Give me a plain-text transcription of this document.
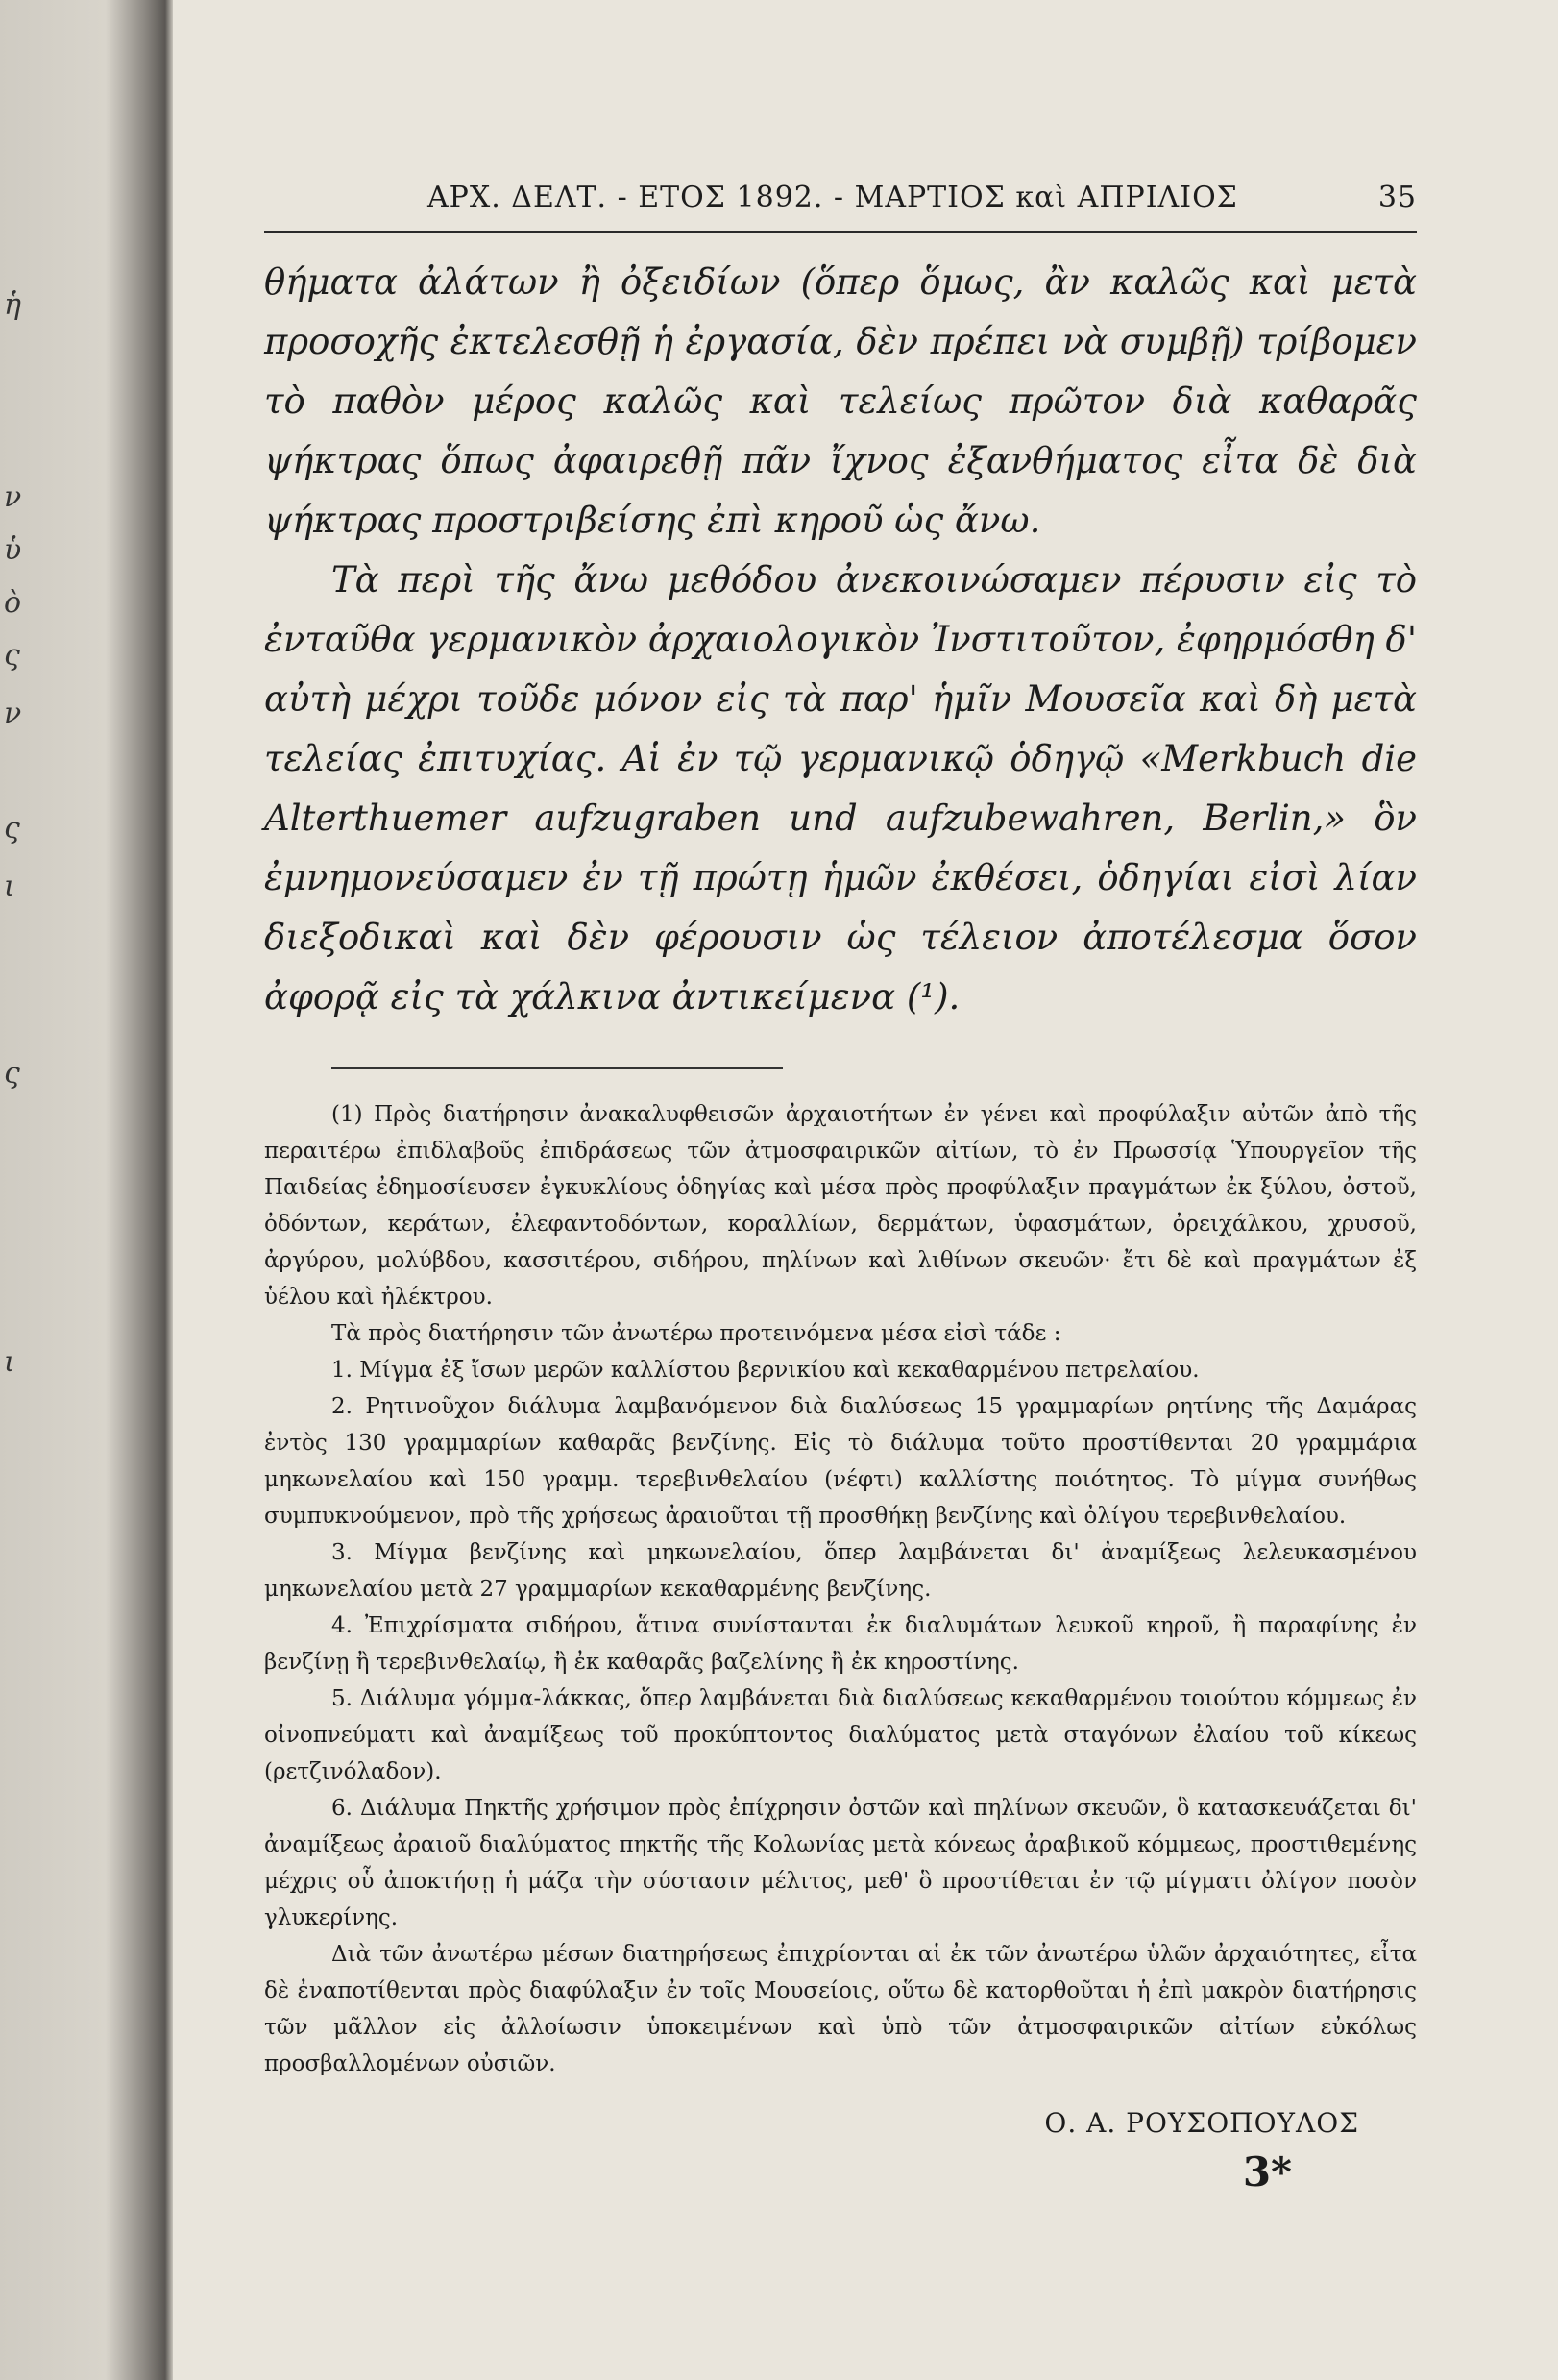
ἡ
ν
ὑ
ὸ
ς
ν
ς
ι
ς
ι
ΑΡΧ. ΔΕΛΤ. - ΕΤΟΣ 1892. - ΜΑΡΤΙΟΣ καὶ ΑΠΡΙΛΙΟΣ	35

θήματα ἀλάτων ἢ ὀξειδίων (ὅπερ ὅμως, ἂν καλῶς καὶ μετὰ προσοχῆς ἐκτελεσθῇ ἡ ἐργασία, δὲν πρέπει νὰ συμβῇ) τρίβομεν τὸ παθὸν μέρος καλῶς καὶ τελείως πρῶτον διὰ καθαρᾶς ψήκτρας ὅπως ἀφαιρεθῇ πᾶν ἴχνος ἐξανθήματος εἶτα δὲ διὰ ψήκτρας προστριβείσης ἐπὶ κηροῦ ὡς ἄνω.

Τὰ περὶ τῆς ἄνω μεθόδου ἀνεκοινώσαμεν πέρυσιν εἰς τὸ ἐνταῦθα γερμανικὸν ἀρχαιολογικὸν Ἰνστιτοῦτον, ἐφηρμόσθη δ' αὐτὴ μέχρι τοῦδε μόνον εἰς τὰ παρ' ἡμῖν Μουσεῖα καὶ δὴ μετὰ τελείας ἐπιτυχίας. Αἱ ἐν τῷ γερμανικῷ ὁδηγῷ «Merkbuch die Alterthuemer aufzugraben und aufzubewahren, Berlin,» ὃν ἐμνημονεύσαμεν ἐν τῇ πρώτῃ ἡμῶν ἐκθέσει, ὁδηγίαι εἰσὶ λίαν διεξοδικαὶ καὶ δὲν φέρουσιν ὡς τέλειον ἀποτέλεσμα ὅσον ἀφορᾷ εἰς τὰ χάλκινα ἀντικείμενα (¹).

(1) Πρὸς διατήρησιν ἀνακαλυφθεισῶν ἀρχαιοτήτων ἐν γένει καὶ προφύλαξιν αὐτῶν ἀπὸ τῆς περαιτέρω ἐπιδλαβοῦς ἐπιδράσεως τῶν ἀτμοσφαιρικῶν αἰτίων, τὸ ἐν Πρωσσίᾳ Ὑπουργεῖον τῆς Παιδείας ἐδημοσίευσεν ἐγκυκλίους ὁδηγίας καὶ μέσα πρὸς προφύλαξιν πραγμάτων ἐκ ξύλου, ὀστοῦ, ὀδόντων, κεράτων, ἐλεφαντοδόντων, κοραλλίων, δερμάτων, ὑφασμάτων, ὀρειχάλκου, χρυσοῦ, ἀργύρου, μολύβδου, κασσιτέρου, σιδήρου, πηλίνων καὶ λιθίνων σκευῶν· ἔτι δὲ καὶ πραγμάτων ἐξ ὑέλου καὶ ἠλέκτρου.

Τὰ πρὸς διατήρησιν τῶν ἀνωτέρω προτεινόμενα μέσα εἰσὶ τάδε :

1. Μίγμα ἐξ ἴσων μερῶν καλλίστου βερνικίου καὶ κεκαθαρμένου πετρελαίου.

2. Ρητινοῦχον διάλυμα λαμβανόμενον διὰ διαλύσεως 15 γραμμαρίων ρητίνης τῆς Δαμάρας ἐντὸς 130 γραμμαρίων καθαρᾶς βενζίνης. Εἰς τὸ διάλυμα τοῦτο προστίθενται 20 γραμμάρια μηκωνελαίου καὶ 150 γραμμ. τερεβινθελαίου (νέφτι) καλλίστης ποιότητος. Τὸ μίγμα συνήθως συμπυκνούμενον, πρὸ τῆς χρήσεως ἀραιοῦται τῇ προσθήκῃ βενζίνης καὶ ὀλίγου τερεβινθελαίου.

3. Μίγμα βενζίνης καὶ μηκωνελαίου, ὅπερ λαμβάνεται δι' ἀναμίξεως λελευκασμένου μηκωνελαίου μετὰ 27 γραμμαρίων κεκαθαρμένης βενζίνης.

4. Ἐπιχρίσματα σιδήρου, ἅτινα συνίστανται ἐκ διαλυμάτων λευκοῦ κηροῦ, ἢ παραφίνης ἐν βενζίνῃ ἢ τερεβινθελαίῳ, ἢ ἐκ καθαρᾶς βαζελίνης ἢ ἐκ κηροστίνης.

5. Διάλυμα γόμμα-λάκκας, ὅπερ λαμβάνεται διὰ διαλύσεως κεκαθαρμένου τοιούτου κόμμεως ἐν οἰνοπνεύματι καὶ ἀναμίξεως τοῦ προκύπτοντος διαλύματος μετὰ σταγόνων ἐλαίου τοῦ κίκεως (ρετζινόλαδον).

6. Διάλυμα Πηκτῆς χρήσιμον πρὸς ἐπίχρησιν ὀστῶν καὶ πηλίνων σκευῶν, ὃ κατασκευάζεται δι' ἀναμίξεως ἀραιοῦ διαλύματος πηκτῆς τῆς Κολωνίας μετὰ κόνεως ἀραβικοῦ κόμμεως, προστιθεμένης μέχρις οὗ ἀποκτήσῃ ἡ μάζα τὴν σύστασιν μέλιτος, μεθ' ὃ προστίθεται ἐν τῷ μίγματι ὀλίγον ποσὸν γλυκερίνης.

Διὰ τῶν ἀνωτέρω μέσων διατηρήσεως ἐπιχρίονται αἱ ἐκ τῶν ἀνωτέρω ὑλῶν ἀρχαιότητες, εἶτα δὲ ἐναποτίθενται πρὸς διαφύλαξιν ἐν τοῖς Μουσείοις, οὕτω δὲ κατορθοῦται ἡ ἐπὶ μακρὸν διατήρησις τῶν μᾶλλον εἰς ἀλλοίωσιν ὑποκειμένων καὶ ὑπὸ τῶν ἀτμοσφαιρικῶν αἰτίων εὐκόλως προσβαλλομένων οὐσιῶν.

Ο. Α. ΡΟΥΣΟΠΟΥΛΟΣ
3*
